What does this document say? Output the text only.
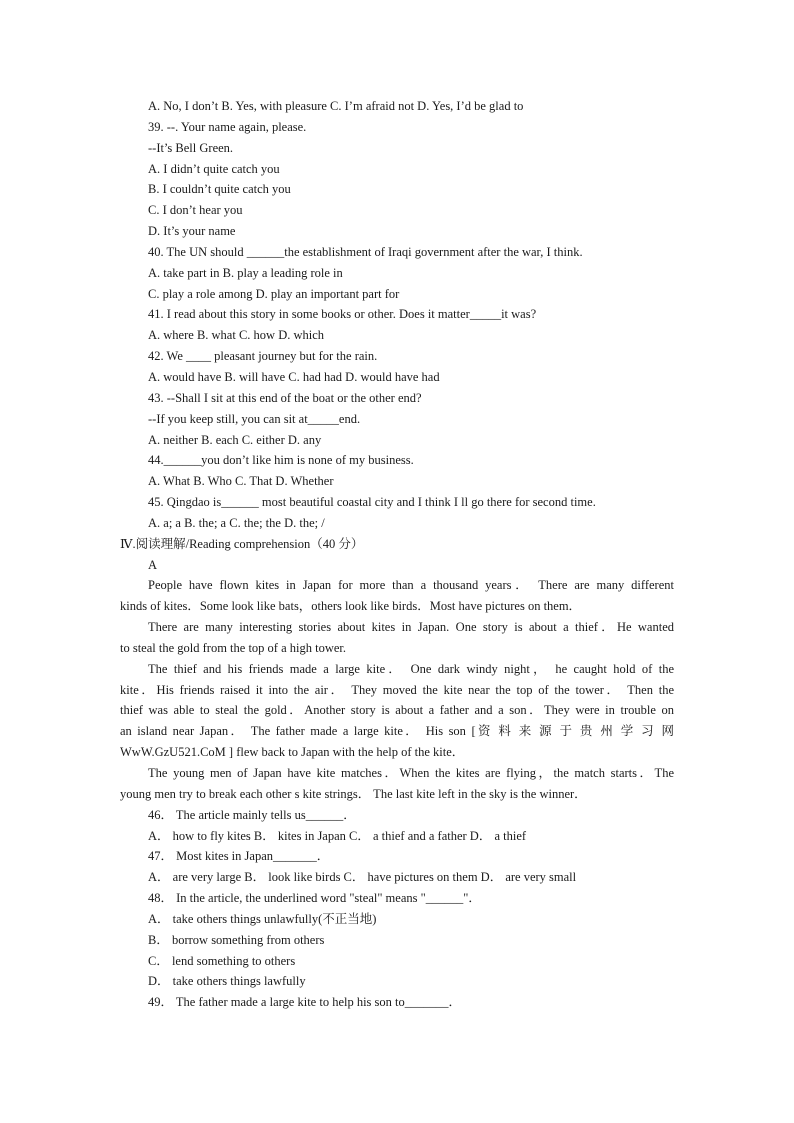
A. No, I don’t B. Yes, with pleasure C. I’m afraid not D. Yes, I’d be glad to
39. --. Your name again, please.
--It’s Bell Green.
A. I didn’t quite catch you
B. I couldn’t quite catch you
C. I don’t hear you
D. It’s your name
40. The UN should ______the establishment of Iraqi government after the war, I think.
A. take part in B. play a leading role in
C. play a role among D. play an important part for
41. I read about this story in some books or other. Does it matter_____it was?
A. where B. what C. how D. which
42. We ____ pleasant journey but for the rain.
A. would have B. will have C. had had D. would have had
43. --Shall I sit at this end of the boat or the other end?
--If you keep still, you can sit at_____end.
A. neither B. each C. either D. any
44.______you don’t like him is none of my business.
A. What B. Who C. That D. Whether
45. Qingdao is______ most beautiful coastal city and I think I ll go there for second time.
A. a; a B. the; a C. the; the D. the; /
Ⅳ.阅读理解/Reading comprehension（40 分）
A
People have flown kites in Japan for more than a thousand years． There are many different
kinds of kites．Some look like bats，others look like birds．Most have pictures on them．
There are many interesting stories about kites in Japan. One story is about a thief．He wanted
to steal the gold from the top of a high tower.
The thief and his friends made a large kite． One dark windy night， he caught hold of the
kite．His friends raised it into the air． They moved the kite near the top of the tower． Then the
thief was able to steal the gold．Another story is about a father and a son．They were in trouble on
an island near Japan． The father made a large kite． His son [资 料 来 源 于 贵 州 学 习 网
WwW.GzU521.CoM ] flew back to Japan with the help of the kite．
The young men of Japan have kite matches．When the kites are flying，the match starts．The
young men try to break each other s kite strings． The last kite left in the sky is the winner．
46． The article mainly tells us______．
A． how to fly kites B． kites in Japan C． a thief and a father D． a thief
47． Most kites in Japan_______．
A． are very large B． look like birds C． have pictures on them D． are very small
48． In the article, the underlined word "steal" means "______"．
A． take others things unlawfully(不正当地)
B． borrow something from others
C． lend something to others
D． take others things lawfully
49． The father made a large kite to help his son to_______．
